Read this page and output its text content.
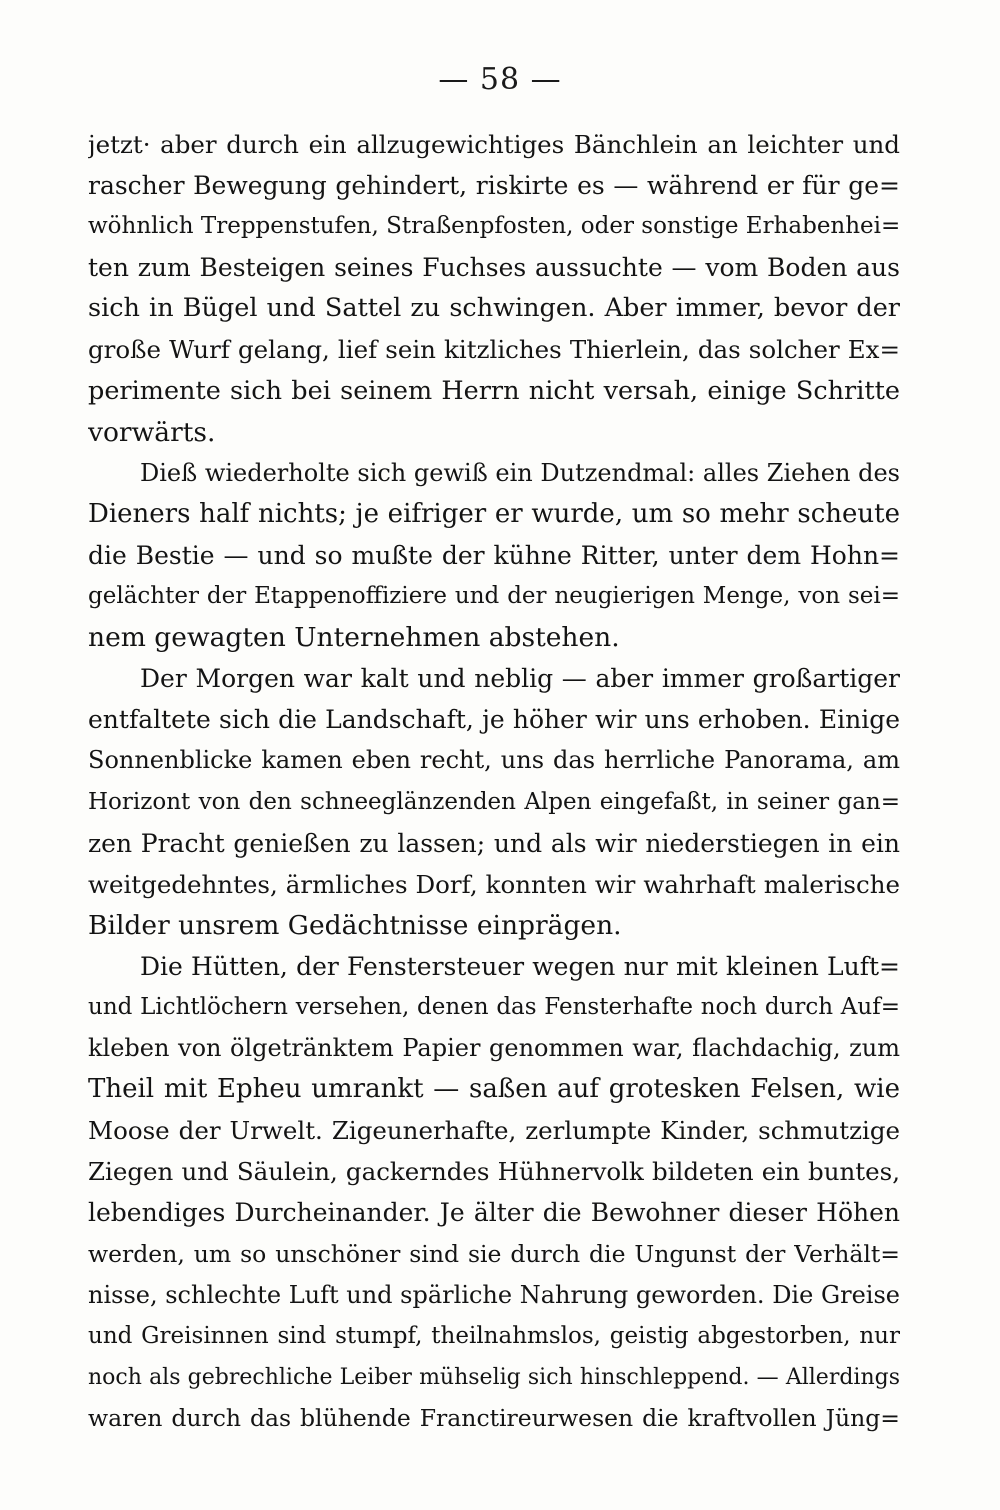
— 58 —
jetzt· aber durch ein allzugewichtiges Bänchlein an leichter und
rascher Bewegung gehindert, riskirte es — während er für ge=
wöhnlich Treppenstufen, Straßenpfosten, oder sonstige Erhabenhei=
ten zum Besteigen seines Fuchses aussuchte — vom Boden aus
sich in Bügel und Sattel zu schwingen. Aber immer, bevor der
große Wurf gelang, lief sein kitzliches Thierlein, das solcher Ex=
perimente sich bei seinem Herrn nicht versah, einige Schritte
vorwärts.
Dieß wiederholte sich gewiß ein Dutzendmal: alles Ziehen des
Dieners half nichts; je eifriger er wurde, um so mehr scheute
die Bestie — und so mußte der kühne Ritter, unter dem Hohn=
gelächter der Etappenoffiziere und der neugierigen Menge, von sei=
nem gewagten Unternehmen abstehen.
Der Morgen war kalt und neblig — aber immer großartiger
entfaltete sich die Landschaft, je höher wir uns erhoben. Einige
Sonnenblicke kamen eben recht, uns das herrliche Panorama, am
Horizont von den schneeglänzenden Alpen eingefaßt, in seiner gan=
zen Pracht genießen zu lassen; und als wir niederstiegen in ein
weitgedehntes, ärmliches Dorf, konnten wir wahrhaft malerische
Bilder unsrem Gedächtnisse einprägen.
Die Hütten, der Fenstersteuer wegen nur mit kleinen Luft=
und Lichtlöchern versehen, denen das Fensterhafte noch durch Auf=
kleben von ölgetränktem Papier genommen war, flachdachig, zum
Theil mit Epheu umrankt — saßen auf grotesken Felsen, wie
Moose der Urwelt. Zigeunerhafte, zerlumpte Kinder, schmutzige
Ziegen und Säulein, gackerndes Hühnervolk bildeten ein buntes,
lebendiges Durcheinander. Je älter die Bewohner dieser Höhen
werden, um so unschöner sind sie durch die Ungunst der Verhält=
nisse, schlechte Luft und spärliche Nahrung geworden. Die Greise
und Greisinnen sind stumpf, theilnahmslos, geistig abgestorben, nur
noch als gebrechliche Leiber mühselig sich hinschleppend. — Allerdings
waren durch das blühende Franctireurwesen die kraftvollen Jüng=
